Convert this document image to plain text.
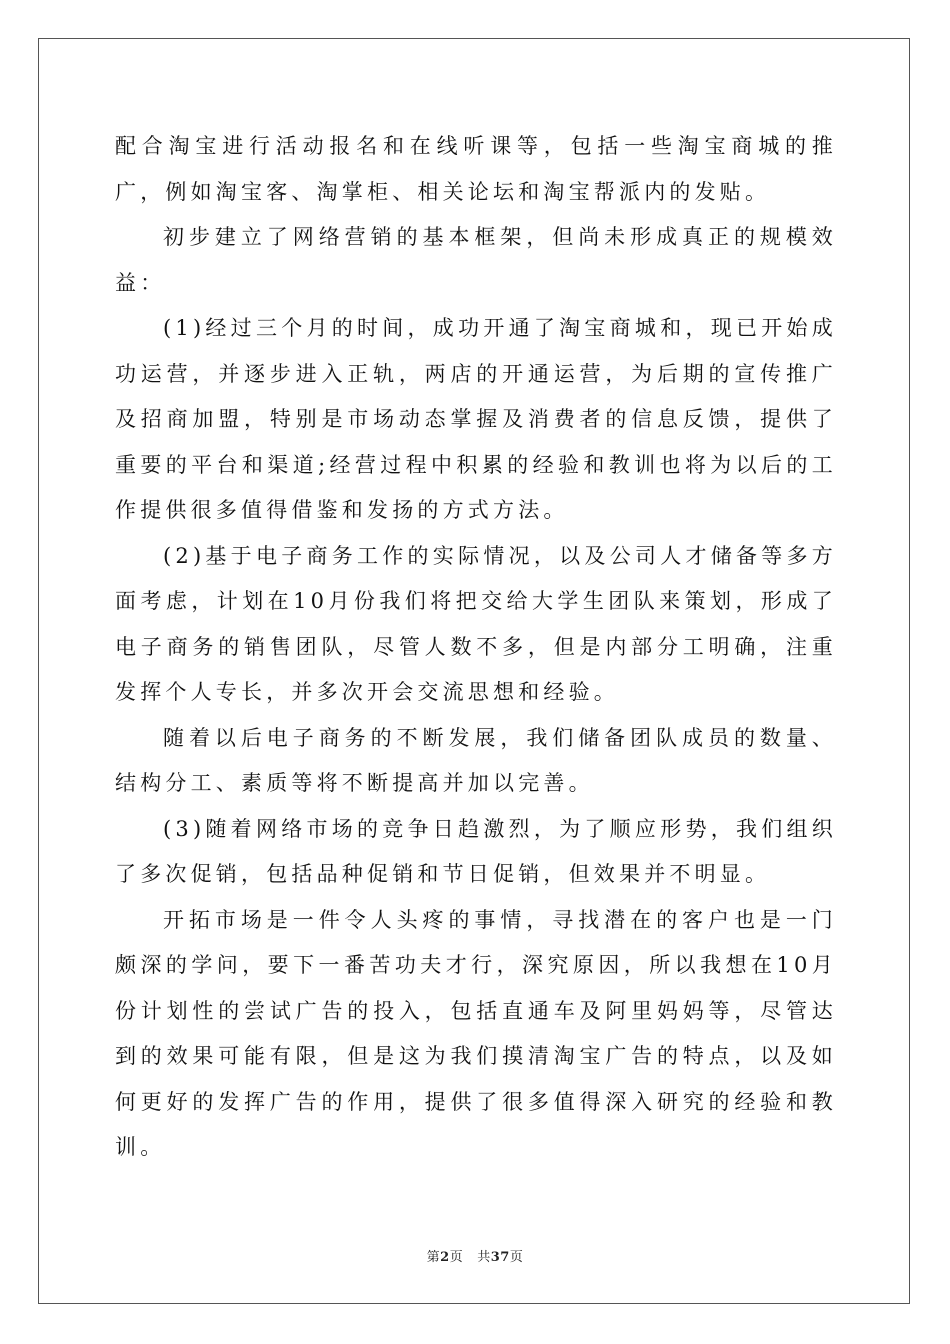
配合淘宝进行活动报名和在线听课等，包括一些淘宝商城的推广，例如淘宝客、淘掌柜、相关论坛和淘宝帮派内的发贴。

初步建立了网络营销的基本框架，但尚未形成真正的规模效益：

(1)经过三个月的时间，成功开通了淘宝商城和，现已开始成功运营，并逐步进入正轨，两店的开通运营，为后期的宣传推广及招商加盟，特别是市场动态掌握及消费者的信息反馈，提供了重要的平台和渠道;经营过程中积累的经验和教训也将为以后的工作提供很多值得借鉴和发扬的方式方法。

(2)基于电子商务工作的实际情况，以及公司人才储备等多方面考虑，计划在10月份我们将把交给大学生团队来策划，形成了电子商务的销售团队，尽管人数不多，但是内部分工明确，注重发挥个人专长，并多次开会交流思想和经验。

随着以后电子商务的不断发展，我们储备团队成员的数量、结构分工、素质等将不断提高并加以完善。

(3)随着网络市场的竞争日趋激烈，为了顺应形势，我们组织了多次促销，包括品种促销和节日促销，但效果并不明显。

开拓市场是一件令人头疼的事情，寻找潜在的客户也是一门颇深的学问，要下一番苦功夫才行，深究原因，所以我想在10月份计划性的尝试广告的投入，包括直通车及阿里妈妈等，尽管达到的效果可能有限，但是这为我们摸清淘宝广告的特点，以及如何更好的发挥广告的作用，提供了很多值得深入研究的经验和教训。

第2页 共37页
